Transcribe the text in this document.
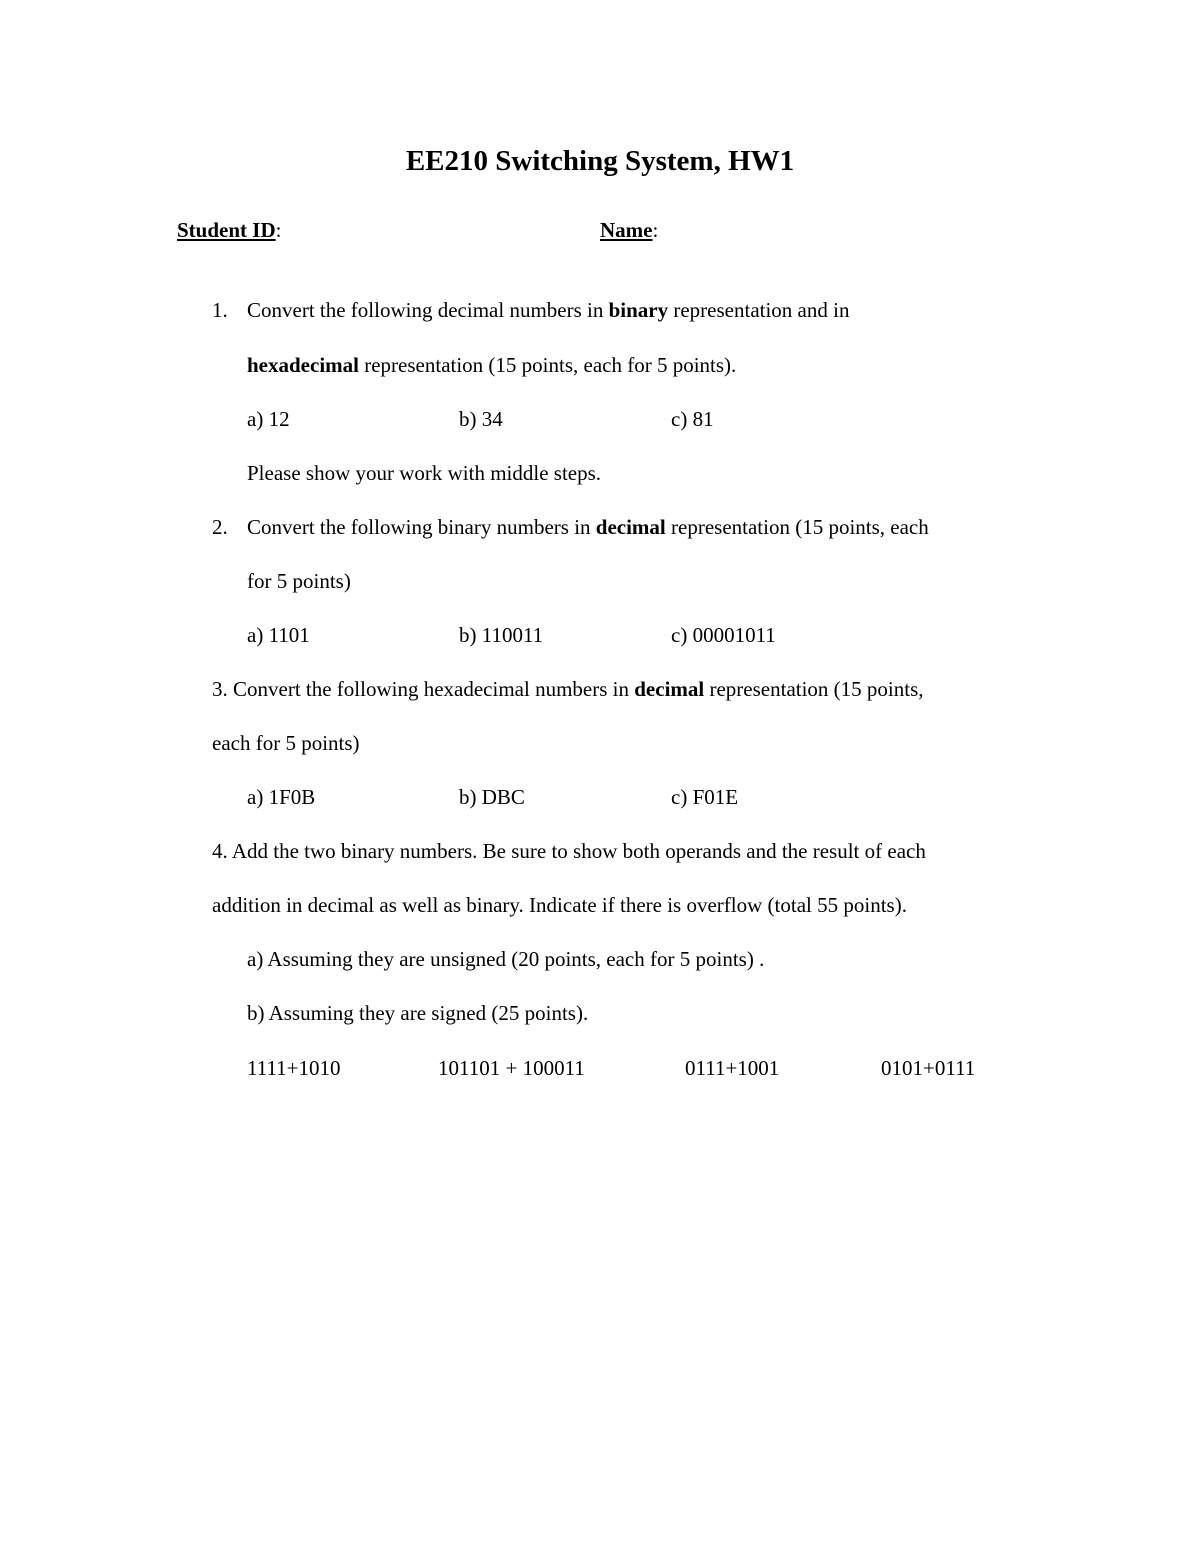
EE210 Switching System, HW1
Student ID:	Name:
1. Convert the following decimal numbers in binary representation and in
hexadecimal representation (15 points, each for 5 points).
a) 12	b) 34	c) 81
Please show your work with middle steps.
2. Convert the following binary numbers in decimal representation (15 points, each
for 5 points)
a) 1101	b) 110011	c) 00001011
3. Convert the following hexadecimal numbers in decimal representation (15 points,
each for 5 points)
a) 1F0B	b) DBC	c) F01E
4. Add the two binary numbers. Be sure to show both operands and the result of each
addition in decimal as well as binary. Indicate if there is overflow (total 55 points).
a) Assuming they are unsigned (20 points, each for 5 points) .
b) Assuming they are signed (25 points).
1111+1010	101101 + 100011	0111+1001	0101+0111
